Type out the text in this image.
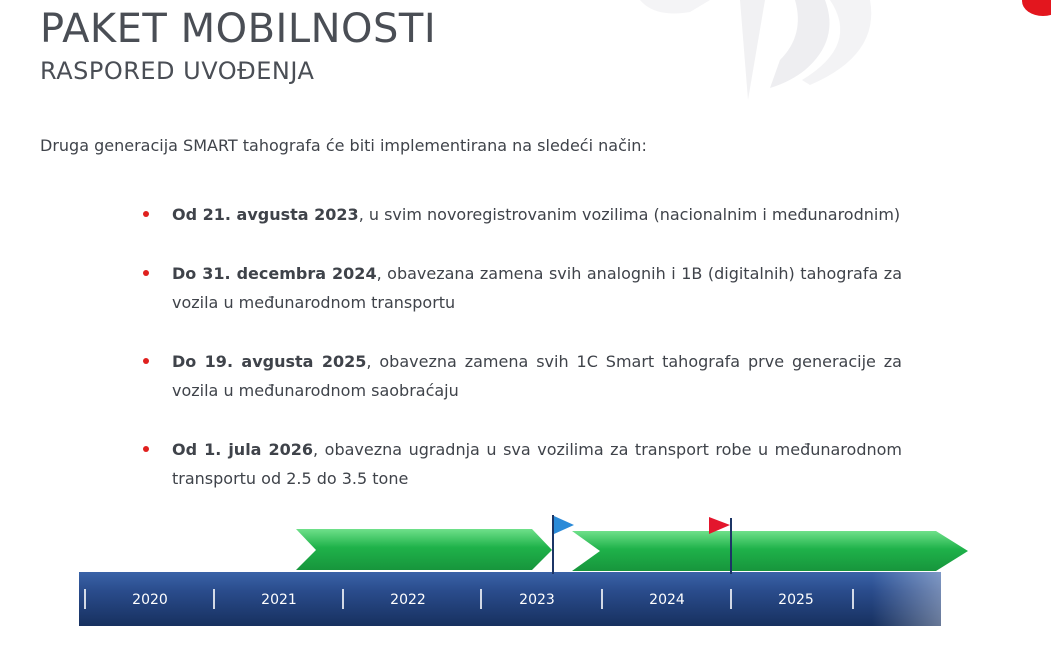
PAKET MOBILNOSTI
RASPORED UVOĐENJA
Druga generacija SMART tahografa će biti implementirana na sledeći način:
Od 21. avgusta 2023, u svim novoregistrovanim vozilima (nacionalnim i međunarodnim)
Do 31. decembra 2024, obavezana zamena svih analognih i 1B (digitalnih) tahografa za vozila u međunarodnom transportu
Do 19. avgusta 2025, obavezna zamena svih 1C Smart tahografa prve generacije za vozila u međunarodnom saobraćaju
Od 1. jula 2026, obavezna ugradnja u sva vozilima za transport robe u međunarodnom transportu od 2.5 do 3.5 tone
2020	2021	2022	2023	2024	2025
